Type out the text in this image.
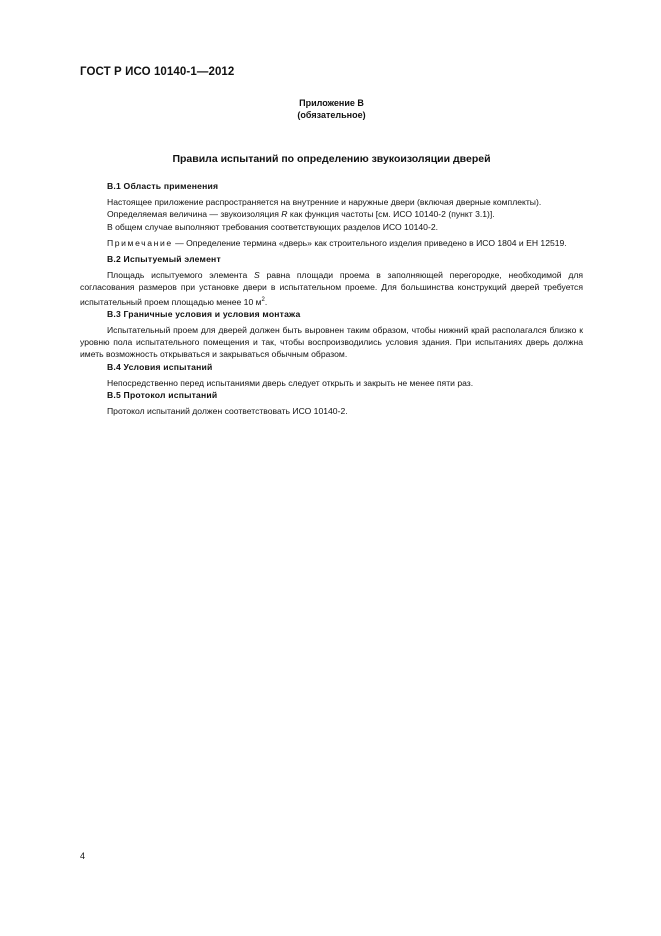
ГОСТ Р ИСО 10140-1—2012
Приложение В
(обязательное)
Правила испытаний по определению звукоизоляции дверей

В.1 Область применения

Настоящее приложение распространяется на внутренние и наружные двери (включая дверные комплекты).

Определяемая величина — звукоизоляция R как функция частоты [см. ИСО 10140-2 (пункт 3.1)].

В общем случае выполняют требования соответствующих разделов ИСО 10140-2.

Примечание — Определение термина «дверь» как строительного изделия приведено в ИСО 1804 и ЕН 12519.

В.2 Испытуемый элемент

Площадь испытуемого элемента S равна площади проема в заполняющей перегородке, необходимой для согласования размеров при установке двери в испытательном проеме. Для большинства конструкций дверей требуется испытательный проем площадью менее 10 $м^2$.

В.3 Граничные условия и условия монтажа

Испытательный проем для дверей должен быть выровнен таким образом, чтобы нижний край располагался близко к уровню пола испытательного помещения и так, чтобы воспроизводились условия здания. При испытаниях дверь должна иметь возможность открываться и закрываться обычным образом.

В.4 Условия испытаний

Непосредственно перед испытаниями дверь следует открыть и закрыть не менее пяти раз.

В.5 Протокол испытаний

Протокол испытаний должен соответствовать ИСО 10140-2.

4
